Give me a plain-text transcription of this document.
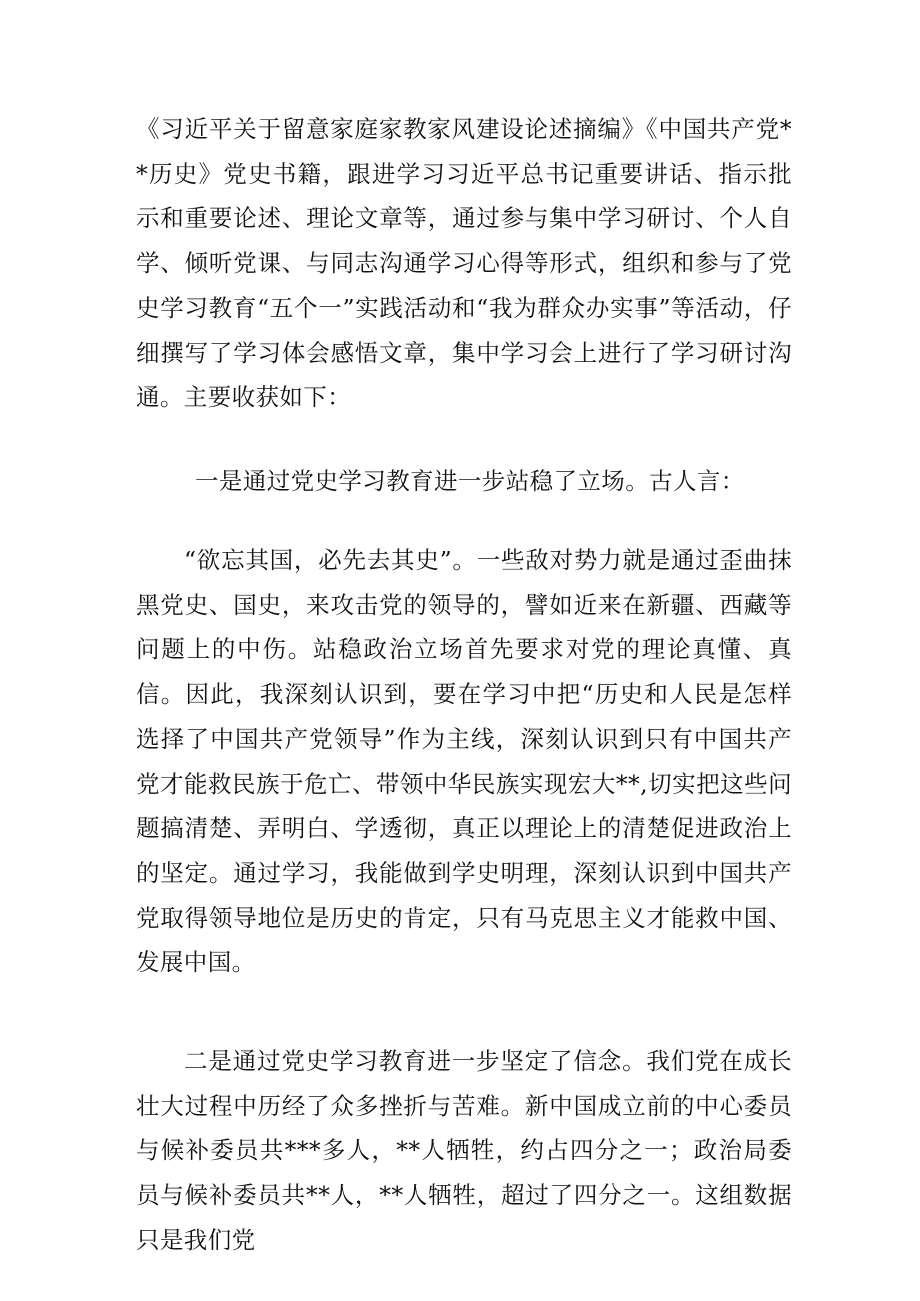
《习近平关于留意家庭家教家风建设论述摘编》《中国共产党**历史》党史书籍，跟进学习习近平总书记重要讲话、指示批示和重要论述、理论文章等，通过参与集中学习研讨、个人自学、倾听党课、与同志沟通学习心得等形式，组织和参与了党史学习教育“五个一”实践活动和“我为群众办实事”等活动，仔细撰写了学习体会感悟文章，集中学习会上进行了学习研讨沟通。主要收获如下：

一是通过党史学习教育进一步站稳了立场。古人言：

“欲忘其国，必先去其史”。一些敌对势力就是通过歪曲抹黑党史、国史，来攻击党的领导的，譬如近来在新疆、西藏等问题上的中伤。站稳政治立场首先要求对党的理论真懂、真信。因此，我深刻认识到，要在学习中把“历史和人民是怎样选择了中国共产党领导”作为主线，深刻认识到只有中国共产党才能救民族于危亡、带领中华民族实现宏大**,切实把这些问题搞清楚、弄明白、学透彻，真正以理论上的清楚促进政治上的坚定。通过学习，我能做到学史明理，深刻认识到中国共产党取得领导地位是历史的肯定，只有马克思主义才能救中国、发展中国。

二是通过党史学习教育进一步坚定了信念。我们党在成长壮大过程中历经了众多挫折与苦难。新中国成立前的中心委员与候补委员共***多人，**人牺牲，约占四分之一；政治局委员与候补委员共**人，**人牺牲，超过了四分之一。这组数据只是我们党
